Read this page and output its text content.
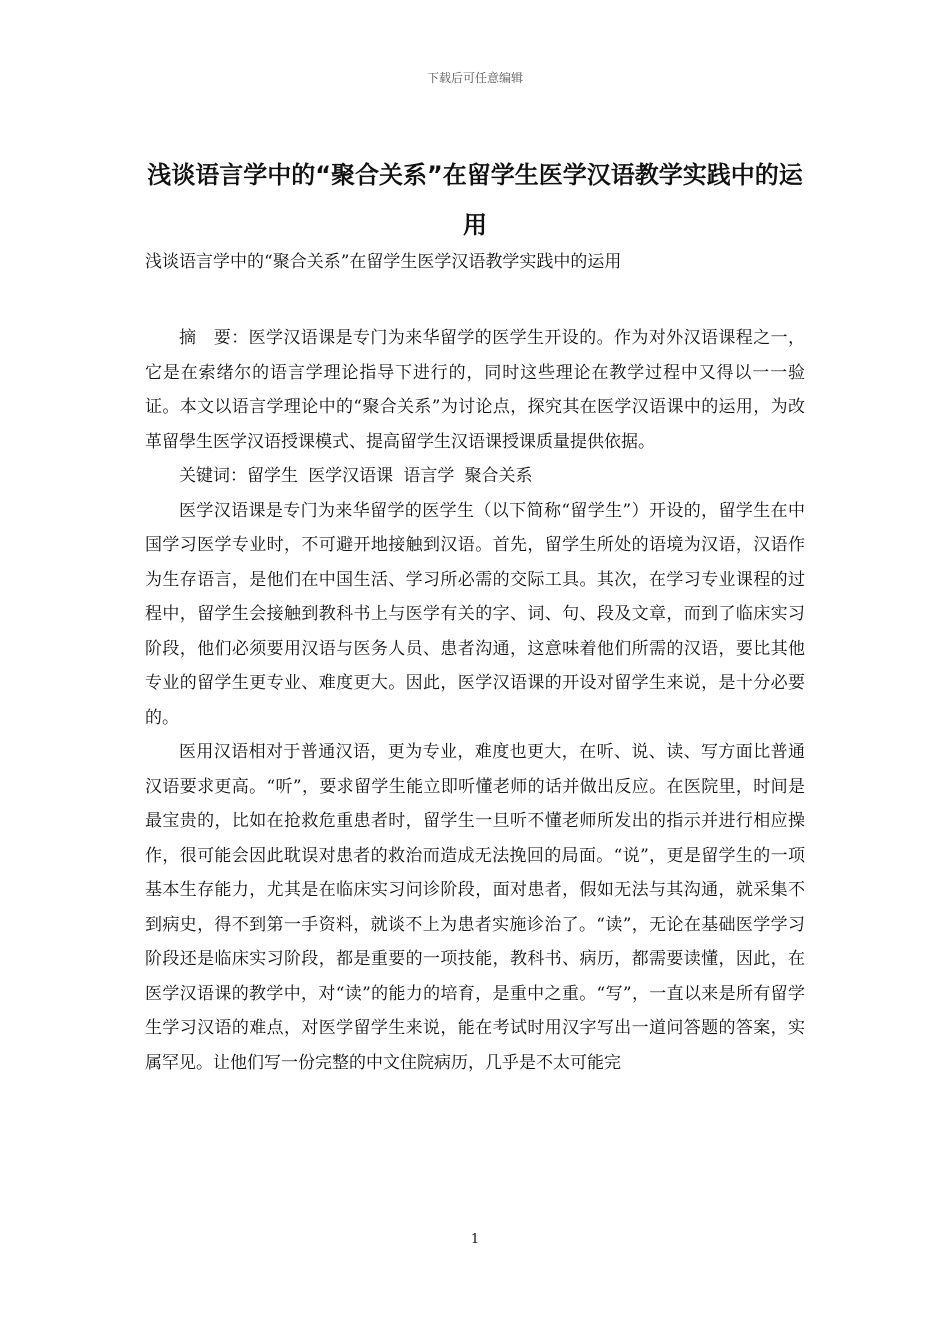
下载后可任意编辑
浅谈语言学中的“聚合关系”在留学生医学汉语教学实践中的运用
浅谈语言学中的“聚合关系”在留学生医学汉语教学实践中的运用

摘　要：医学汉语课是专门为来华留学的医学生开设的。作为对外汉语课程之一，它是在索绪尔的语言学理论指导下进行的，同时这些理论在教学过程中又得以一一验证。本文以语言学理论中的“聚合关系”为讨论点，探究其在医学汉语课中的运用，为改革留學生医学汉语授课模式、提高留学生汉语课授课质量提供依据。

关键词：留学生 医学汉语课 语言学 聚合关系

医学汉语课是专门为来华留学的医学生（以下简称“留学生”）开设的，留学生在中国学习医学专业时，不可避开地接触到汉语。首先，留学生所处的语境为汉语，汉语作为生存语言，是他们在中国生活、学习所必需的交际工具。其次，在学习专业课程的过程中，留学生会接触到教科书上与医学有关的字、词、句、段及文章，而到了临床实习阶段，他们必须要用汉语与医务人员、患者沟通，这意味着他们所需的汉语，要比其他专业的留学生更专业、难度更大。因此，医学汉语课的开设对留学生来说，是十分必要的。

医用汉语相对于普通汉语，更为专业，难度也更大，在听、说、读、写方面比普通汉语要求更高。“听”，要求留学生能立即听懂老师的话并做出反应。在医院里，时间是最宝贵的，比如在抢救危重患者时，留学生一旦听不懂老师所发出的指示并进行相应操作，很可能会因此耽误对患者的救治而造成无法挽回的局面。“说”，更是留学生的一项基本生存能力，尤其是在临床实习问诊阶段，面对患者，假如无法与其沟通，就采集不到病史，得不到第一手资料，就谈不上为患者实施诊治了。“读”，无论在基础医学学习阶段还是临床实习阶段，都是重要的一项技能，教科书、病历，都需要读懂，因此，在医学汉语课的教学中，对“读”的能力的培育，是重中之重。“写”，一直以来是所有留学生学习汉语的难点，对医学留学生来说，能在考试时用汉字写出一道问答题的答案，实属罕见。让他们写一份完整的中文住院病历，几乎是不太可能完

1
